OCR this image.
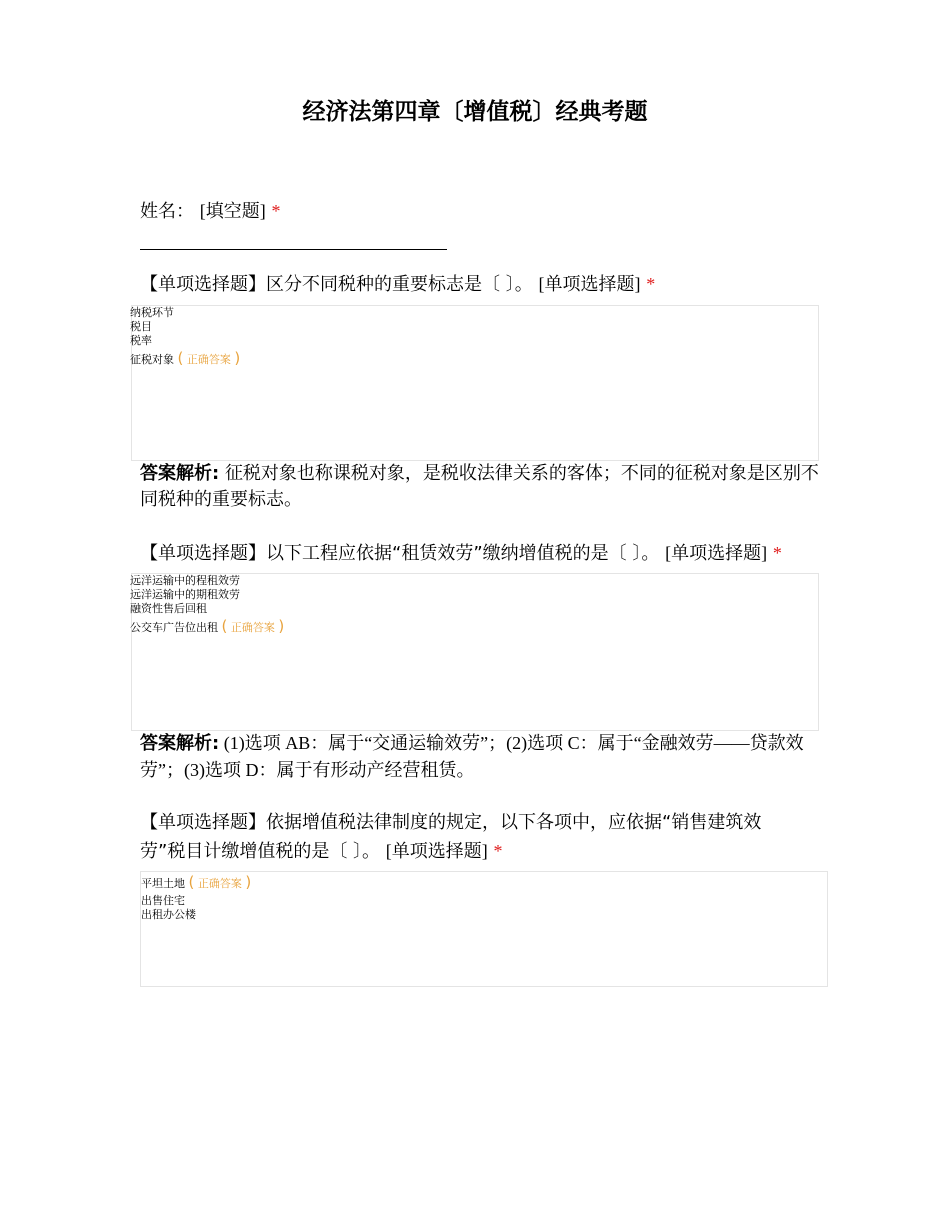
经济法第四章〔增值税〕经典考题
姓名： [填空题] *
【单项选择题】区分不同税种的重要标志是〔 〕。 [单项选择题] *
纳税环节
税目
税率
征税对象 ( 正确答案 )
答案解析: 征税对象也称课税对象，是税收法律关系的客体；不同的征税对象是区别不同税种的重要标志。
【单项选择题】以下工程应依据“租赁效劳”缴纳增值税的是〔 〕。 [单项选择题] *
远洋运输中的程租效劳
远洋运输中的期租效劳
融资性售后回租
公交车广告位出租 ( 正确答案 )
答案解析: (1)选项 AB：属于“交通运输效劳”；(2)选项 C：属于“金融效劳——贷款效劳”；(3)选项 D：属于有形动产经营租赁。
【单项选择题】依据增值税法律制度的规定，以下各项中，应依据“销售建筑效劳”税目计缴增值税的是〔 〕。 [单项选择题] *
平坦土地 ( 正确答案 )
出售住宅
出租办公楼
